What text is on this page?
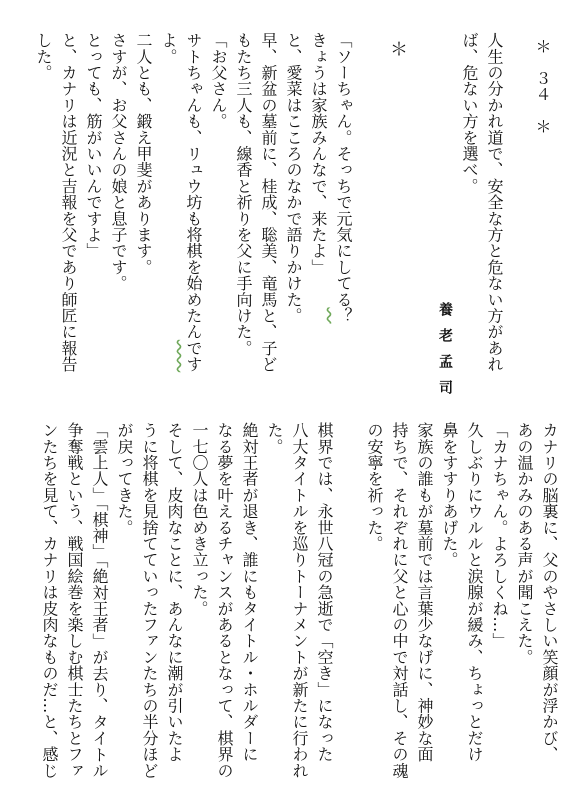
＊　３４　＊
人生の分かれ道で、安全な方と危ない方があれ
ば、危ない方を選べ。
養老孟司
＊
「ソーちゃん。そっちで元気にしてる？
きょうは家族みんなで、来たよ」
と、愛菜はこころのなかで語りかけた。
早、新盆の墓前に、桂成、聡美、竜馬と、子ど
もたち三人も、線香と祈りを父に手向けた。
「お父さん。
サトちゃんも、リュウ坊も将棋を始めたんです
よ。
二人とも、鍛え甲斐があります。
さすが、お父さんの娘と息子です。
とっても、筋がいいんですよ」
と、カナリは近況と吉報を父であり師匠に報告
した。
カナリの脳裏に、父のやさしい笑顔が浮かび、
あの温かみのある声が聞こえた。
「カナちゃん。よろしくね…」
久しぶりにウルルと涙腺が緩み、ちょっとだけ
鼻をすすりあげた。
家族の誰もが墓前では言葉少なげに、神妙な面
持ちで、それぞれに父と心の中で対話し、その魂
の安寧を祈った。
棋界では、永世八冠の急逝で「空き」になった
八大タイトルを巡りトーナメントが新たに行われ
た。
絶対王者が退き、誰にもタイトル・ホルダーに
なる夢を叶えるチャンスがあるとなって、棋界の
一七〇人は色めき立った。
そして、皮肉なことに、あんなに潮が引いたよ
うに将棋を見捨てていったファンたちの半分ほど
が戻ってきた。
「雲上人」「棋神」「絶対王者」が去り、タイトル
争奪戦という、戦国絵巻を楽しむ棋士たちとファ
ンたちを見て、カナリは皮肉なものだ…と、感じ
